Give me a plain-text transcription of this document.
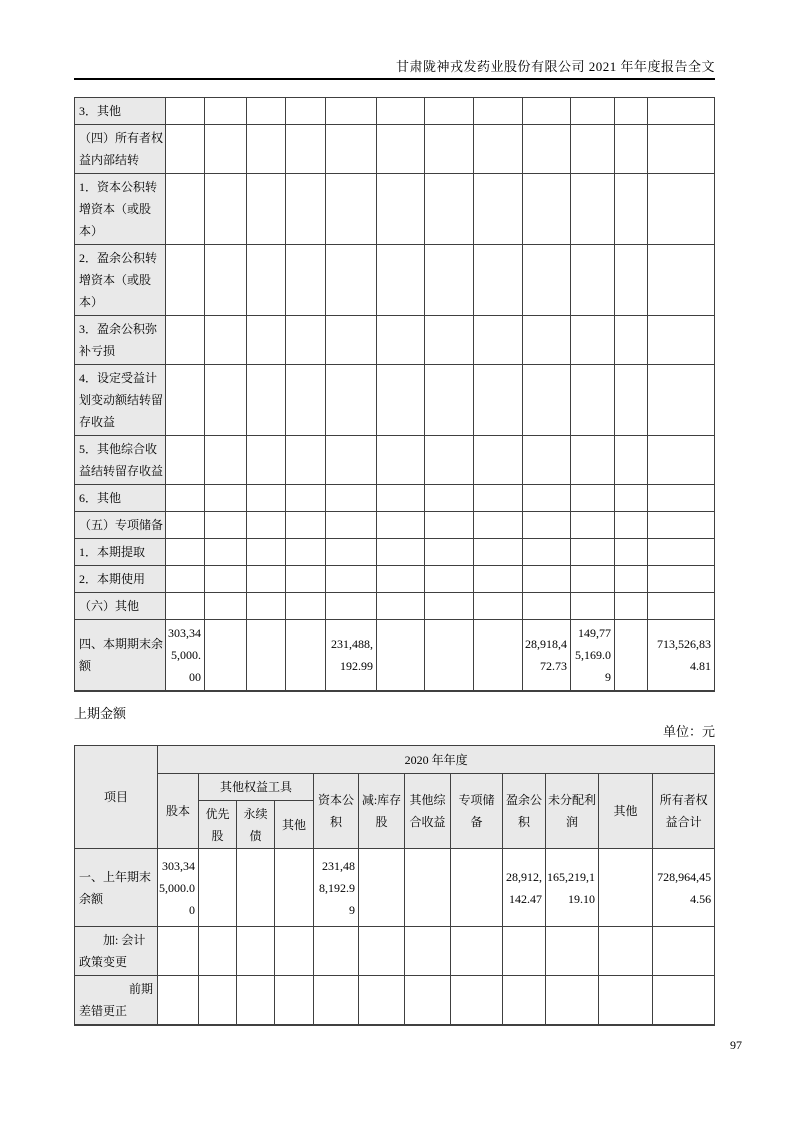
甘肃陇神戎发药业股份有限公司 2021 年年度报告全文
3．其他												
（四）所有者权益内部结转												
1．资本公积转增资本（或股本）												
2．盈余公积转增资本（或股本）												
3．盈余公积弥补亏损												
4．设定受益计划变动额结转留存收益												
5．其他综合收益结转留存收益												
6．其他												
（五）专项储备												
1．本期提取												
2．本期使用												
（六）其他												
四、本期期末余额	303,345,000.00				231,488,192.99				28,918,472.73	149,775,169.09		713,526,834.81
上期金额
单位：元
项目	2020 年年度											
	股本	其他权益工具			资本公积	减:库存股	其他综合收益	专项储备	盈余公积	未分配利润	其他	所有者权益合计
		优先股	永续债	其他								
一、上年期末余额	303,345,000.00				231,488,192.99				28,912,142.47	165,219,119.10		728,964,454.56
加: 会计政策变更												
前期差错更正												
97
